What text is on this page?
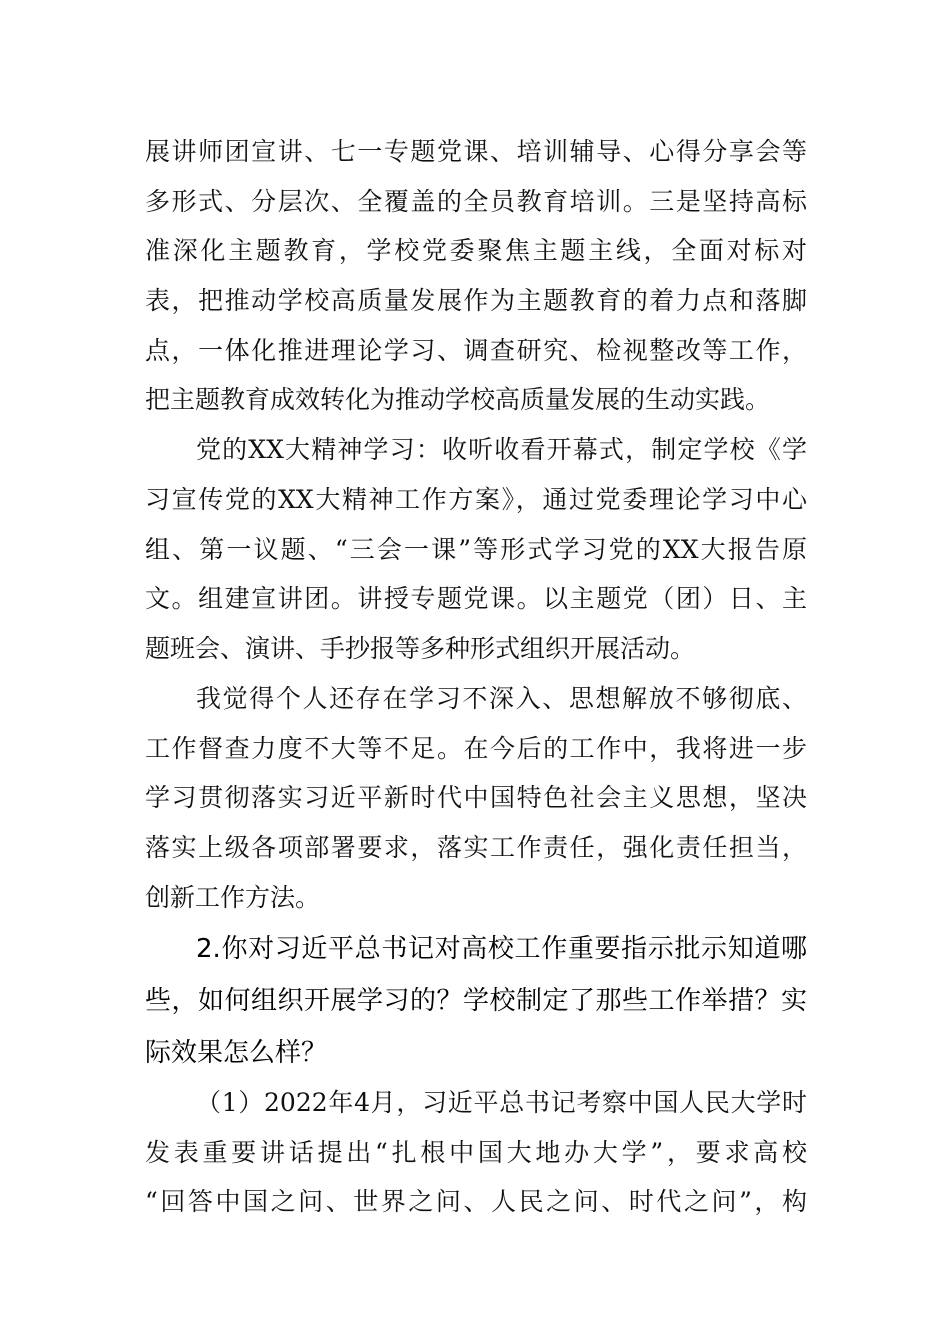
展讲师团宣讲、七一专题党课、培训辅导、心得分享会等

多形式、分层次、全覆盖的全员教育培训。三是坚持高标

准深化主题教育，学校党委聚焦主题主线，全面对标对

表，把推动学校高质量发展作为主题教育的着力点和落脚

点，一体化推进理论学习、调查研究、检视整改等工作，

把主题教育成效转化为推动学校高质量发展的生动实践。

党的XX大精神学习：收听收看开幕式，制定学校《学

习宣传党的XX大精神工作方案》，通过党委理论学习中心

组、第一议题、“三会一课”等形式学习党的XX大报告原

文。组建宣讲团。讲授专题党课。以主题党（团）日、主

题班会、演讲、手抄报等多种形式组织开展活动。

我觉得个人还存在学习不深入、思想解放不够彻底、

工作督查力度不大等不足。在今后的工作中，我将进一步

学习贯彻落实习近平新时代中国特色社会主义思想，坚决

落实上级各项部署要求，落实工作责任，强化责任担当，

创新工作方法。

2.你对习近平总书记对高校工作重要指示批示知道哪

些，如何组织开展学习的？学校制定了那些工作举措？实

际效果怎么样？

（1）2022年4月，习近平总书记考察中国人民大学时

发表重要讲话提出“扎根中国大地办大学”，要求高校

“回答中国之问、世界之问、人民之问、时代之问”，构
